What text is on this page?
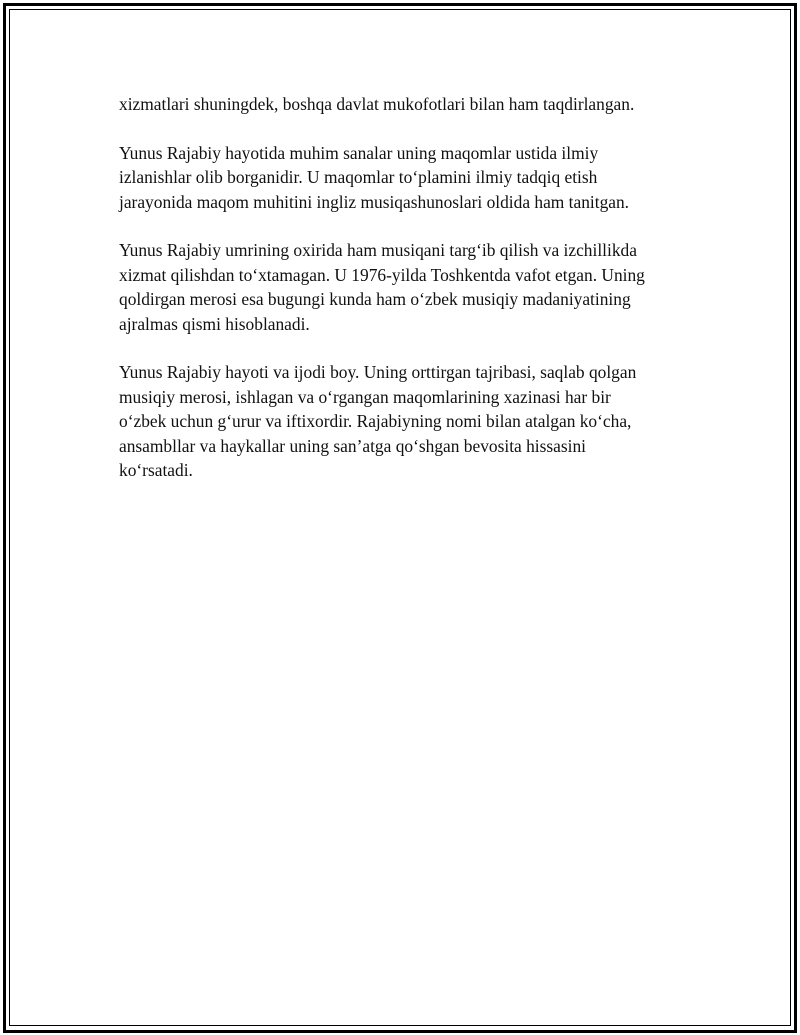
xizmatlari shuningdek, boshqa davlat mukofotlari bilan ham taqdirlangan.

Yunus Rajabiy hayotida muhim sanalar uning maqomlar ustida ilmiy
izlanishlar olib borganidir. U maqomlar to‘plamini ilmiy tadqiq etish
jarayonida maqom muhitini ingliz musiqashunoslari oldida ham tanitgan.

Yunus Rajabiy umrining oxirida ham musiqani targ‘ib qilish va izchillikda
xizmat qilishdan to‘xtamagan. U 1976-yilda Toshkentda vafot etgan. Uning
qoldirgan merosi esa bugungi kunda ham o‘zbek musiqiy madaniyatining
ajralmas qismi hisoblanadi.

Yunus Rajabiy hayoti va ijodi boy. Uning orttirgan tajribasi, saqlab qolgan
musiqiy merosi, ishlagan va o‘rgangan maqomlarining xazinasi har bir
o‘zbek uchun g‘urur va iftixordir. Rajabiyning nomi bilan atalgan ko‘cha,
ansambllar va haykallar uning san’atga qo‘shgan bevosita hissasini
ko‘rsatadi.
